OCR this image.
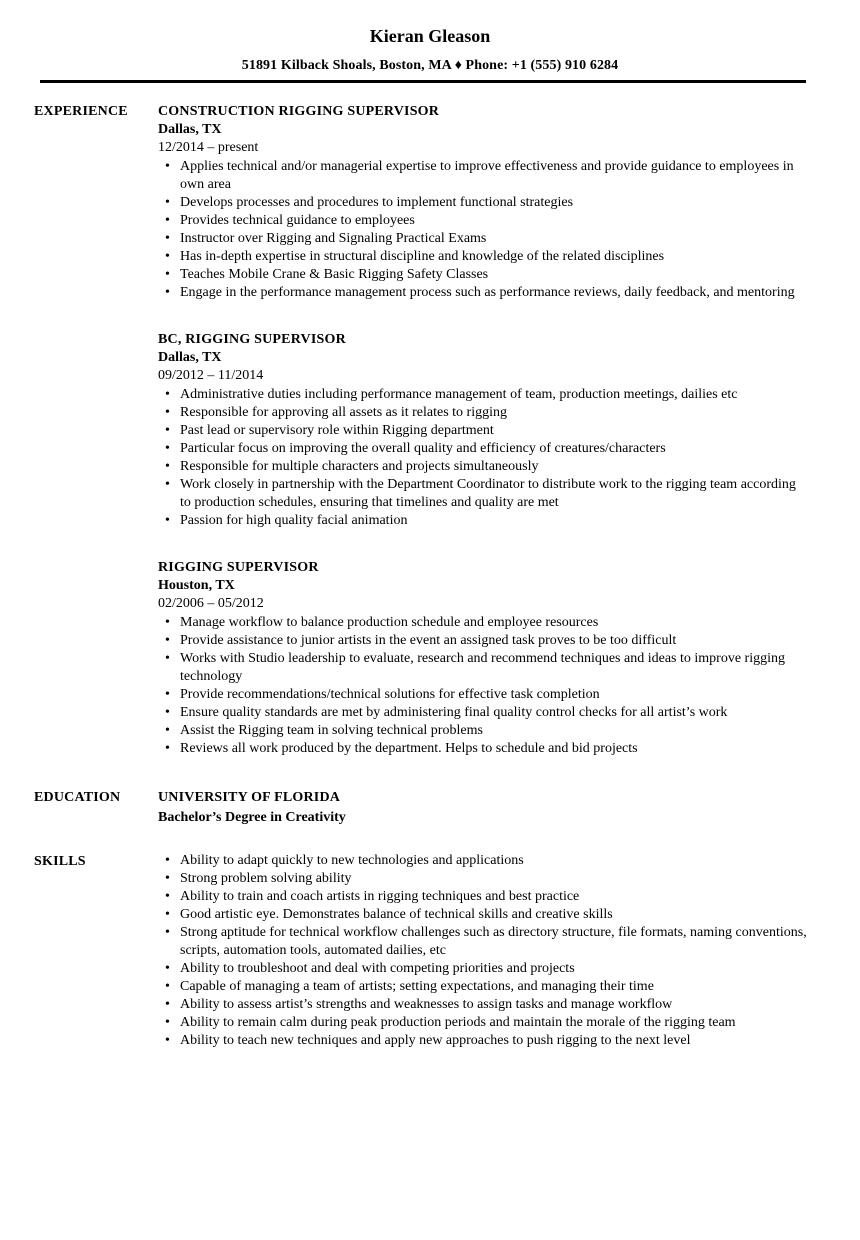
Kieran Gleason
51891 Kilback Shoals, Boston, MA ♦ Phone: +1 (555) 910 6284
EXPERIENCE	CONSTRUCTION RIGGING SUPERVISOR
Dallas, TX
12/2014 – present
• Applies technical and/or managerial expertise to improve effectiveness and provide guidance to employees in own area
• Develops processes and procedures to implement functional strategies
• Provides technical guidance to employees
• Instructor over Rigging and Signaling Practical Exams
• Has in-depth expertise in structural discipline and knowledge of the related disciplines
• Teaches Mobile Crane & Basic Rigging Safety Classes
• Engage in the performance management process such as performance reviews, daily feedback, and mentoring
BC, RIGGING SUPERVISOR
Dallas, TX
09/2012 – 11/2014
• Administrative duties including performance management of team, production meetings, dailies etc
• Responsible for approving all assets as it relates to rigging
• Past lead or supervisory role within Rigging department
• Particular focus on improving the overall quality and efficiency of creatures/characters
• Responsible for multiple characters and projects simultaneously
• Work closely in partnership with the Department Coordinator to distribute work to the rigging team according to production schedules, ensuring that timelines and quality are met
• Passion for high quality facial animation
RIGGING SUPERVISOR
Houston, TX
02/2006 – 05/2012
• Manage workflow to balance production schedule and employee resources
• Provide assistance to junior artists in the event an assigned task proves to be too difficult
• Works with Studio leadership to evaluate, research and recommend techniques and ideas to improve rigging technology
• Provide recommendations/technical solutions for effective task completion
• Ensure quality standards are met by administering final quality control checks for all artist’s work
• Assist the Rigging team in solving technical problems
• Reviews all work produced by the department. Helps to schedule and bid projects
EDUCATION	UNIVERSITY OF FLORIDA
Bachelor’s Degree in Creativity
SKILLS	• Ability to adapt quickly to new technologies and applications
• Strong problem solving ability
• Ability to train and coach artists in rigging techniques and best practice
• Good artistic eye. Demonstrates balance of technical skills and creative skills
• Strong aptitude for technical workflow challenges such as directory structure, file formats, naming conventions, scripts, automation tools, automated dailies, etc
• Ability to troubleshoot and deal with competing priorities and projects
• Capable of managing a team of artists; setting expectations, and managing their time
• Ability to assess artist’s strengths and weaknesses to assign tasks and manage workflow
• Ability to remain calm during peak production periods and maintain the morale of the rigging team
• Ability to teach new techniques and apply new approaches to push rigging to the next level
